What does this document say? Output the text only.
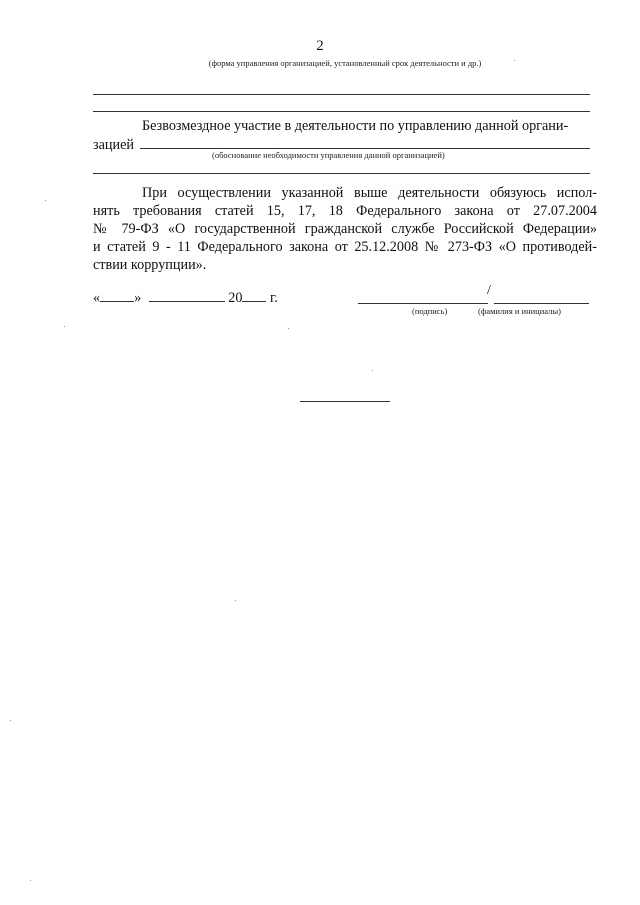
2
(форма управления организацией, установленный срок деятельности и др.)
Безвозмездное участие в деятельности по управлению данной органи-
зацией
(обоснование необходимости управления данной организацией)
При осуществлении указанной выше деятельности обязуюсь испол-
нять требования статей 15, 17, 18 Федерального закона от 27.07.2004
№ 79-ФЗ «О государственной гражданской службе Российской Федерации»
и статей 9 - 11 Федерального закона от 25.12.2008 № 273-ФЗ «О противодей-
ствии коррупции».
« »	20 г.	/
(подпись)	(фамилия и инициалы)
